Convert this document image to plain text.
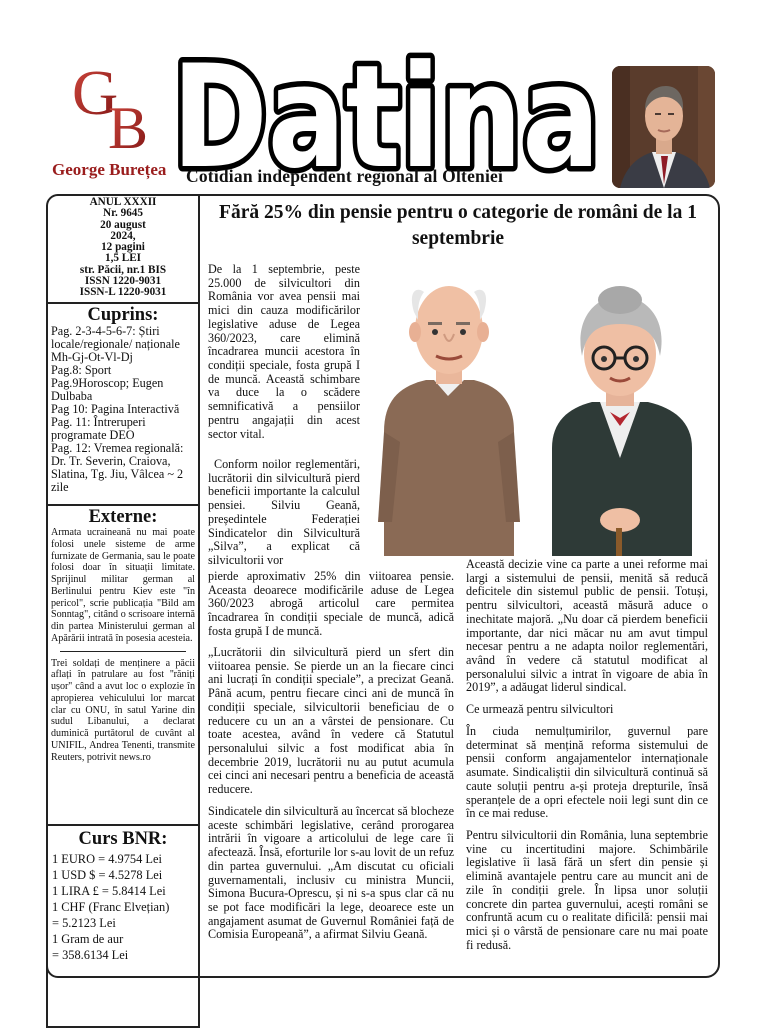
G
B
George Burețea Datina
Cotidian independent regional al Olteniei
ANUL XXXII
Nr. 9645
20 august
2024,
12 pagini
1,5 LEI
str. Păcii, nr.1 BIS
ISSN 1220-9031
ISSN-L 1220-9031
Cuprins:
Pag. 2-3-4-5-6-7: Știri locale/regionale/ naționale Mh-Gj-Ot-Vl-Dj
Pag.8: Sport
Pag.9Horoscop; Eugen Dulbaba
Pag 10: Pagina Interactivă
Pag. 11: Întreruperi programate DEO
Pag. 12: Vremea regională: Dr. Tr. Severin, Craiova, Slatina, Tg. Jiu, Vâlcea ~ 2 zile
Externe:
Armata ucraineană nu mai poate folosi unele sisteme de arme furnizate de Germania, sau le poate folosi doar în situații limitate. Sprijinul militar german al Berlinului pentru Kiev este "în pericol", scrie publicația "Bild am Sonntag", citând o scrisoare internă din partea Ministerului german al Apărării intrată în posesia acesteia.
Trei soldați de menținere a păcii aflați în patrulare au fost ''răniți ușor'' când a avut loc o explozie în apropierea vehiculului lor marcat clar cu ONU, în satul Yarine din sudul Libanului, a declarat duminică purtătorul de cuvânt al UNIFIL, Andrea Tenenti, transmite Reuters, potrivit news.ro
Curs BNR:
1 EURO = 4.9754 Lei
1 USD $ = 4.5278 Lei
1 LIRA £ = 5.8414 Lei
1 CHF (Franc Elvețian)
= 5.2123 Lei
1 Gram de aur
= 358.6134 Lei
Fără 25% din pensie pentru o categorie de români de la 1 septembrie
De la 1 septembrie, peste 25.000 de silvicultori din România vor avea pensii mai mici din cauza modificărilor legislative aduse de Legea 360/2023, care elimină încadrarea muncii acestora în condiții speciale, fosta grupă I de muncă. Această schimbare va duce la o scădere semnificativă a pensiilor pentru angajații din acest sector vital.
Conform noilor reglementări, lucrătorii din silvicultură pierd beneficii importante la calculul pensiei. Silviu Geană, președintele Federației Sindicatelor din Silvicultură „Silva”, a explicat că silvicultorii vor
pierde aproximativ 25% din viitoarea pensie. Aceasta deoarece modificările aduse de Legea 360/2023 abrogă articolul care permitea încadrarea în condiții speciale de muncă, adică fosta grupă I de muncă.

„Lucrătorii din silvicultură pierd un sfert din viitoarea pensie. Se pierde un an la fiecare cinci ani lucrați în condiții speciale”, a precizat Geană. Până acum, pentru fiecare cinci ani de muncă în condiții speciale, silvicultorii beneficiau de o reducere cu un an a vârstei de pensionare. Cu toate acestea, având în vedere că Statutul personalului silvic a fost modificat abia în decembrie 2019, lucrătorii nu au putut acumula cei cinci ani necesari pentru a beneficia de această reducere.

Sindicatele din silvicultură au încercat să blocheze aceste schimbări legislative, cerând prorogarea intrării în vigoare a articolului de lege care îi afectează. Însă, eforturile lor s-au lovit de un refuz din partea guvernului. „Am discutat cu oficiali guvernamentali, inclusiv cu ministra Muncii, Simona Bucura-Oprescu, și ni s-a spus clar că nu se pot face modificări la lege, deoarece este un angajament asumat de Guvernul României față de Comisia Europeană”, a afirmat Silviu Geană.

Această decizie vine ca parte a unei reforme mai largi a sistemului de pensii, menită să reducă deficitele din sistemul public de pensii. Totuși, pentru silvicultori, această măsură aduce o inechitate majoră. „Nu doar că pierdem beneficii importante, dar nici măcar nu am avut timpul necesar pentru a ne adapta noilor reglementări, având în vedere că statutul modificat al personalului silvic a intrat în vigoare de abia în 2019”, a adăugat liderul sindical.

Ce urmează pentru silvicultori

În ciuda nemulțumirilor, guvernul pare determinat să mențină reforma sistemului de pensii conform angajamentelor internaționale asumate. Sindicaliștii din silvicultură continuă să caute soluții pentru a-și proteja drepturile, însă speranțele de a opri efectele noii legi sunt din ce în ce mai reduse.

Pentru silvicultorii din România, luna septembrie vine cu incertitudini majore. Schimbările legislative îi lasă fără un sfert din pensie și elimină avantajele pentru care au muncit ani de zile în condiții grele. În lipsa unor soluții concrete din partea guvernului, acești români se confruntă acum cu o realitate dificilă: pensii mai mici și o vârstă de pensionare care nu mai poate fi redusă.
